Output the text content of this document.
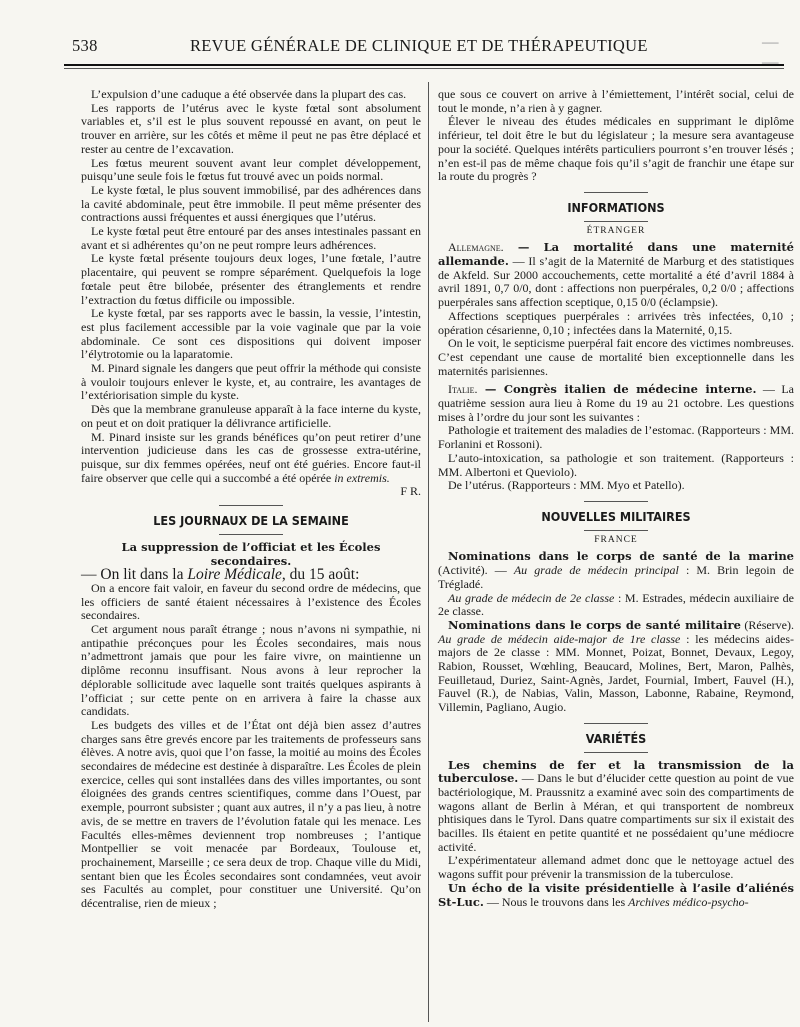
538	REVUE GÉNÉRALE DE CLINIQUE ET DE THÉRAPEUTIQUE	— —

L’expulsion d’une caduque a été observée dans la plupart des cas.

Les rapports de l’utérus avec le kyste fœtal sont absolument variables et, s’il est le plus souvent repoussé en avant, on peut le trouver en arrière, sur les côtés et même il peut ne pas être déplacé et rester au centre de l’excavation.

Les fœtus meurent souvent avant leur complet développement, puisqu’une seule fois le fœtus fut trouvé avec un poids normal.

Le kyste fœtal, le plus souvent immobilisé, par des adhérences dans la cavité abdominale, peut être immobile. Il peut même présenter des contractions aussi fréquentes et aussi énergiques que l’utérus.

Le kyste fœtal peut être entouré par des anses intestinales passant en avant et si adhérentes qu’on ne peut rompre leurs adhérences.

Le kyste fœtal présente toujours deux loges, l’une fœtale, l’autre placentaire, qui peuvent se rompre séparément. Quelquefois la loge fœtale peut être bilobée, présenter des étranglements et rendre l’extraction du fœtus difficile ou impossible.

Le kyste fœtal, par ses rapports avec le bassin, la vessie, l’intestin, est plus facilement accessible par la voie vaginale que par la voie abdominale. Ce sont ces dispositions qui doivent imposer l’élytrotomie ou la laparatomie.

M. Pinard signale les dangers que peut offrir la méthode qui consiste à vouloir toujours enlever le kyste, et, au contraire, les avantages de l’extériorisation simple du kyste.

Dès que la membrane granuleuse apparaît à la face interne du kyste, on peut et on doit pratiquer la délivrance artificielle.

M. Pinard insiste sur les grands bénéfices qu’on peut retirer d’une intervention judicieuse dans les cas de grossesse extra-utérine, puisque, sur dix femmes opérées, neuf ont été guéries. Encore faut-il faire observer que celle qui a succombé a été opérée in extremis.

F R.
LES JOURNAUX DE LA SEMAINE
La suppression de l’officiat et les Écoles secondaires.
— On lit dans la Loire Médicale, du 15 août:

On a encore fait valoir, en faveur du second ordre de médecins, que les officiers de santé étaient nécessaires à l’existence des Écoles secondaires.

Cet argument nous paraît étrange ; nous n’avons ni sympathie, ni antipathie préconçues pour les Écoles secondaires, mais nous n’admettront jamais que pour les faire vivre, on maintienne un diplôme reconnu insuffisant. Nous avons à leur reprocher la déplorable sollicitude avec laquelle sont traités quelques aspirants à l’officiat ; sur cette pente on en arrivera à faire la chasse aux candidats.

Les budgets des villes et de l’État ont déjà bien assez d’autres charges sans être grevés encore par les traitements de professeurs sans élèves. A notre avis, quoi que l’on fasse, la moitié au moins des Écoles secondaires de médecine est destinée à disparaître. Les Écoles de plein exercice, celles qui sont installées dans des villes importantes, ou sont éloignées des grands centres scientifiques, comme dans l’Ouest, par exemple, pourront subsister ; quant aux autres, il n’y a pas lieu, à notre avis, de se mettre en travers de l’évolution fatale qui les menace. Les Facultés elles-mêmes deviennent trop nombreuses ; l’antique Montpellier se voit menacée par Bordeaux, Toulouse et, prochainement, Marseille ; ce sera deux de trop. Chaque ville du Midi, sentant bien que les Écoles secondaires sont condamnées, veut avoir ses Facultés au complet, pour constituer une Université. Qu’on décentralise, rien de mieux ;

que sous ce couvert on arrive à l’émiettement, l’intérêt social, celui de tout le monde, n’a rien à y gagner.

Élever le niveau des études médicales en supprimant le diplôme inférieur, tel doit être le but du législateur ; la mesure sera avantageuse pour la société. Quelques intérêts particuliers pourront s’en trouver lésés ; n’en est-il pas de même chaque fois qu’il s’agit de franchir une étape sur la route du progrès ?

INFORMATIONS
ÉTRANGER

Allemagne. — La mortalité dans une maternité allemande. — Il s’agit de la Maternité de Marburg et des statistiques de Akfeld. Sur 2000 accouchements, cette mortalité a été d’avril 1884 à avril 1891, 0,7 0/0, dont : affections non puerpérales, 0,2 0/0 ; affections puerpérales sans affection sceptique, 0,15 0/0 (éclampsie).

Affections sceptiques puerpérales : arrivées très infectées, 0,10 ; opération césarienne, 0,10 ; infectées dans la Maternité, 0,15.

On le voit, le septicisme puerpéral fait encore des victimes nombreuses. C’est cependant une cause de mortalité bien exceptionnelle dans les maternités parisiennes.

Italie. — Congrès italien de médecine interne. — La quatrième session aura lieu à Rome du 19 au 21 octobre. Les questions mises à l’ordre du jour sont les suivantes :

Pathologie et traitement des maladies de l’estomac. (Rapporteurs : MM. Forlanini et Rossoni).

L’auto-intoxication, sa pathologie et son traitement. (Rapporteurs : MM. Albertoni et Queviolo).

De l’utérus. (Rapporteurs : MM. Myo et Patello).

NOUVELLES MILITAIRES
FRANCE

Nominations dans le corps de santé de la marine (Activité). — Au grade de médecin principal : M. Brin legoin de Trégladé.

Au grade de médecin de 2e classe : M. Estrades, médecin auxiliaire de 2e classe.

Nominations dans le corps de santé militaire (Réserve). Au grade de médecin aide-major de 1re classe : les médecins aides-majors de 2e classe : MM. Monnet, Poizat, Bonnet, Devaux, Legoy, Rabion, Rousset, Wœhling, Beaucard, Molines, Bert, Maron, Palhès, Feuilletaud, Duriez, Saint-Agnès, Jardet, Fournial, Imbert, Fauvel (H.), Fauvel (R.), de Nabias, Valin, Masson, Labonne, Rabaine, Reymond, Villemin, Pagliano, Augio.

VARIÉTÉS

Les chemins de fer et la transmission de la tuberculose. — Dans le but d’élucider cette question au point de vue bactériologique, M. Praussnitz a examiné avec soin des compartiments de wagons allant de Berlin à Méran, et qui transportent de nombreux phtisiques dans le Tyrol. Dans quatre compartiments sur six il existait des bacilles. Ils étaient en petite quantité et ne possédaient qu’une médiocre activité.

L’expérimentateur allemand admet donc que le nettoyage actuel des wagons suffit pour prévenir la transmission de la tuberculose.

Un écho de la visite présidentielle à l’asile d’aliénés St-Luc. — Nous le trouvons dans les Archives médico-psycho-
